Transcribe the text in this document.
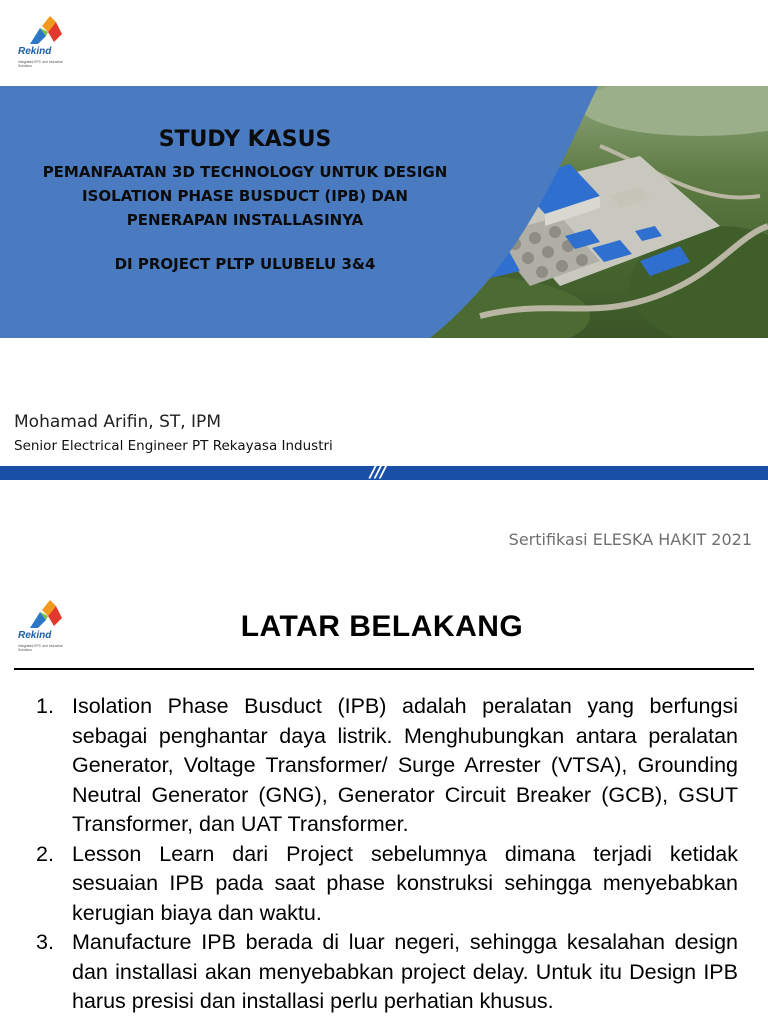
Rekind
Integrated EPC and Industrial Solutions
STUDY KASUS
PEMANFAATAN 3D TECHNOLOGY UNTUK DESIGN
ISOLATION PHASE BUSDUCT (IPB) DAN
PENERAPAN INSTALLASINYA
DI PROJECT PLTP ULUBELU 3&4
Mohamad Arifin, ST, IPM
Senior Electrical Engineer PT Rekayasa Industri
///
Sertifikasi ELESKA HAKIT 2021
Rekind
Integrated EPC and Industrial Solutions
LATAR BELAKANG
1. Isolation Phase Busduct (IPB) adalah peralatan yang berfungsi sebagai penghantar daya listrik. Menghubungkan antara peralatan Generator, Voltage Transformer/ Surge Arrester (VTSA), Grounding Neutral Generator (GNG), Generator Circuit Breaker (GCB), GSUT Transformer, dan UAT Transformer.
2. Lesson Learn dari Project sebelumnya dimana terjadi ketidak sesuaian IPB pada saat phase konstruksi sehingga menyebabkan kerugian biaya dan waktu.
3. Manufacture IPB berada di luar negeri, sehingga kesalahan design dan installasi akan menyebabkan project delay. Untuk itu Design IPB harus presisi dan installasi perlu perhatian khusus.
